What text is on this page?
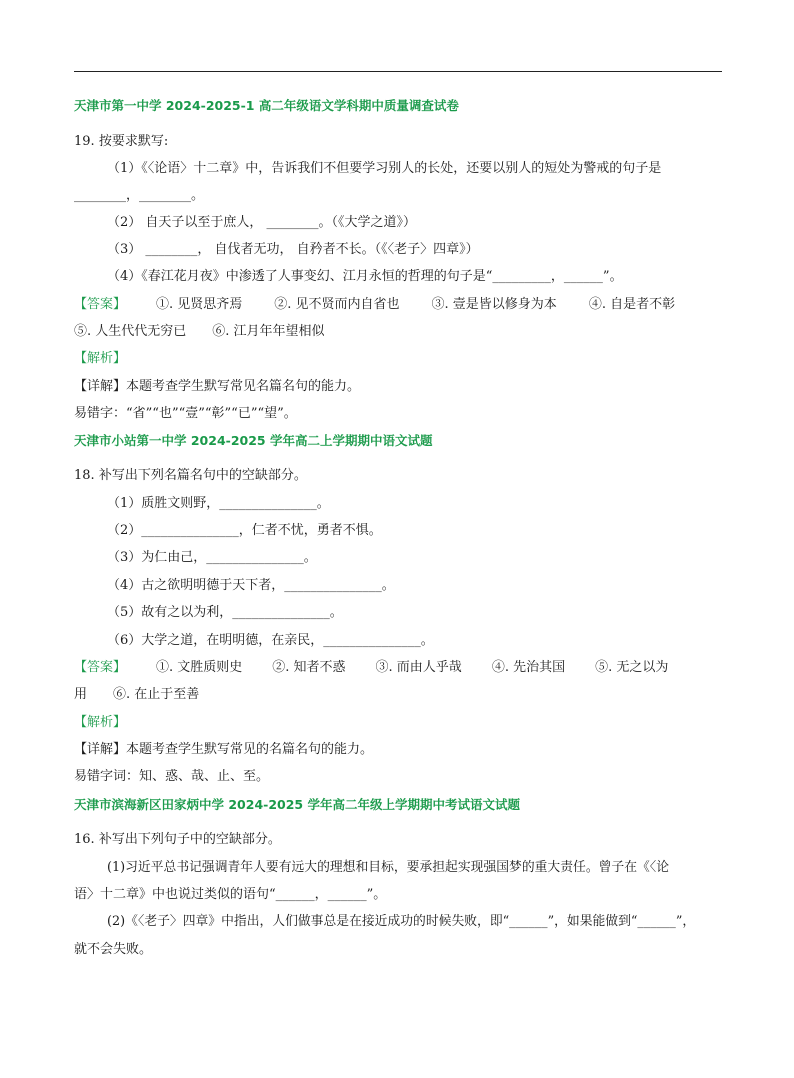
天津市第一中学 2024-2025-1 高二年级语文学科期中质量调查试卷
19. 按要求默写:
（1）《〈论语〉十二章》中，告诉我们不但要学习别人的长处，还要以别人的短处为警戒的句子是
________，________。
（2） 自天子以至于庶人， ________。（《大学之道》）
（3） ________， 自伐者无功， 自矜者不长。（《〈老子〉四章》）
（4）《春江花月夜》中渗透了人事变幻、江月永恒的哲理的句子是“_________，______”。
【答案】 ①. 见贤思齐焉 ②. 见不贤而内自省也 ③. 壹是皆以修身为本 ④. 自是者不彰
⑤. 人生代代无穷已 ⑥. 江月年年望相似
【解析】
【详解】本题考查学生默写常见名篇名句的能力。
易错字：“省”“也”“壹”“彰”“已”“望”。
天津市小站第一中学 2024-2025 学年高二上学期期中语文试题
18. 补写出下列名篇名句中的空缺部分。
（1）质胜文则野，_______________。
（2）_______________，仁者不忧，勇者不惧。
（3）为仁由己，_______________。
（4）古之欲明明德于天下者，_______________。
（5）故有之以为利，_______________。
（6）大学之道，在明明德，在亲民，_______________。
【答案】 ①. 文胜质则史 ②. 知者不惑 ③. 而由人乎哉 ④. 先治其国 ⑤. 无之以为
用 ⑥. 在止于至善
【解析】
【详解】本题考查学生默写常见的名篇名句的能力。
易错字词：知、惑、哉、止、至。
天津市滨海新区田家炳中学 2024-2025 学年高二年级上学期期中考试语文试题
16. 补写出下列句子中的空缺部分。
(1)习近平总书记强调青年人要有远大的理想和目标，要承担起实现强国梦的重大责任。曾子在《〈论
语〉十二章》中也说过类似的语句“______，______”。
(2)《〈老子〉四章》中指出，人们做事总是在接近成功的时候失败，即“______”，如果能做到“______”，
就不会失败。
